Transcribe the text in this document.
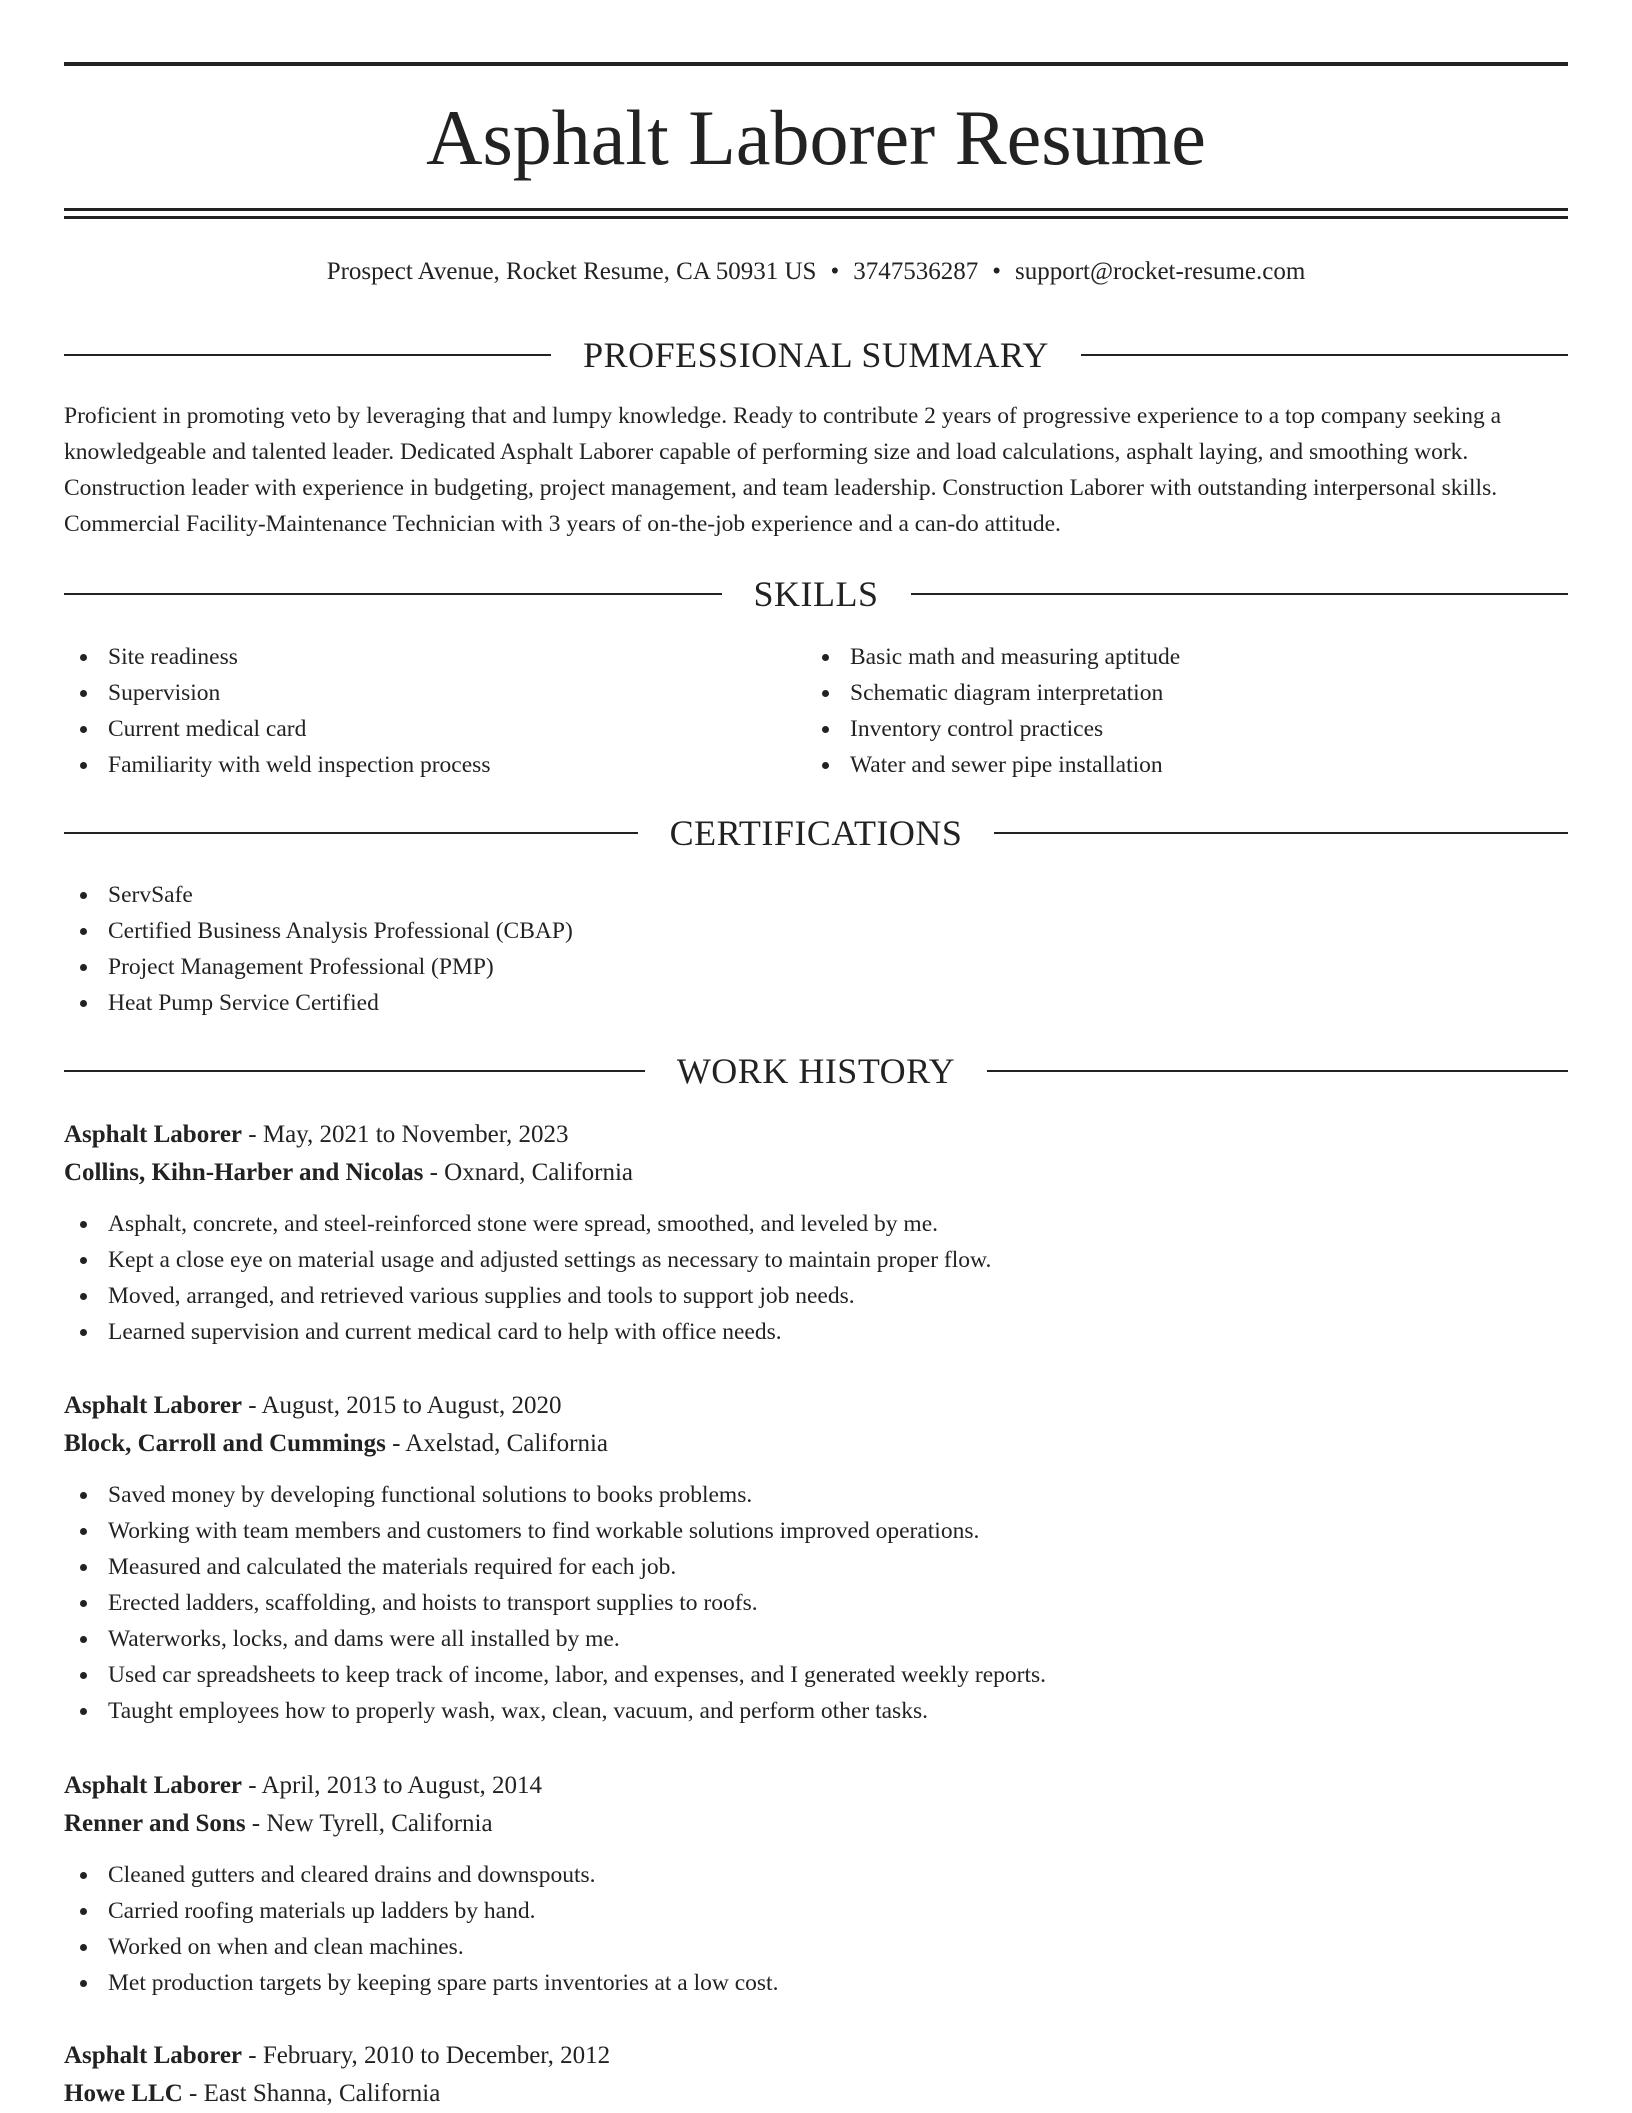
Asphalt Laborer Resume
Prospect Avenue, Rocket Resume, CA 50931 US • 3747536287 • support@rocket-resume.com
PROFESSIONAL SUMMARY

Proficient in promoting veto by leveraging that and lumpy knowledge. Ready to contribute 2 years of progressive experience to a top company seeking a knowledgeable and talented leader. Dedicated Asphalt Laborer capable of performing size and load calculations, asphalt laying, and smoothing work. Construction leader with experience in budgeting, project management, and team leadership. Construction Laborer with outstanding interpersonal skills. Commercial Facility-Maintenance Technician with 3 years of on-the-job experience and a can-do attitude.

SKILLS
Site readiness
Supervision
Current medical card
Familiarity with weld inspection process
Basic math and measuring aptitude
Schematic diagram interpretation
Inventory control practices
Water and sewer pipe installation
CERTIFICATIONS
ServSafe
Certified Business Analysis Professional (CBAP)
Project Management Professional (PMP)
Heat Pump Service Certified
WORK HISTORY

Asphalt Laborer - May, 2021 to November, 2023

Collins, Kihn-Harber and Nicolas - Oxnard, California

Asphalt, concrete, and steel-reinforced stone were spread, smoothed, and leveled by me.
Kept a close eye on material usage and adjusted settings as necessary to maintain proper flow.
Moved, arranged, and retrieved various supplies and tools to support job needs.
Learned supervision and current medical card to help with office needs.

Asphalt Laborer - August, 2015 to August, 2020

Block, Carroll and Cummings - Axelstad, California

Saved money by developing functional solutions to books problems.
Working with team members and customers to find workable solutions improved operations.
Measured and calculated the materials required for each job.
Erected ladders, scaffolding, and hoists to transport supplies to roofs.
Waterworks, locks, and dams were all installed by me.
Used car spreadsheets to keep track of income, labor, and expenses, and I generated weekly reports.
Taught employees how to properly wash, wax, clean, vacuum, and perform other tasks.

Asphalt Laborer - April, 2013 to August, 2014

Renner and Sons - New Tyrell, California

Cleaned gutters and cleared drains and downspouts.
Carried roofing materials up ladders by hand.
Worked on when and clean machines.
Met production targets by keeping spare parts inventories at a low cost.

Asphalt Laborer - February, 2010 to December, 2012

Howe LLC - East Shanna, California
